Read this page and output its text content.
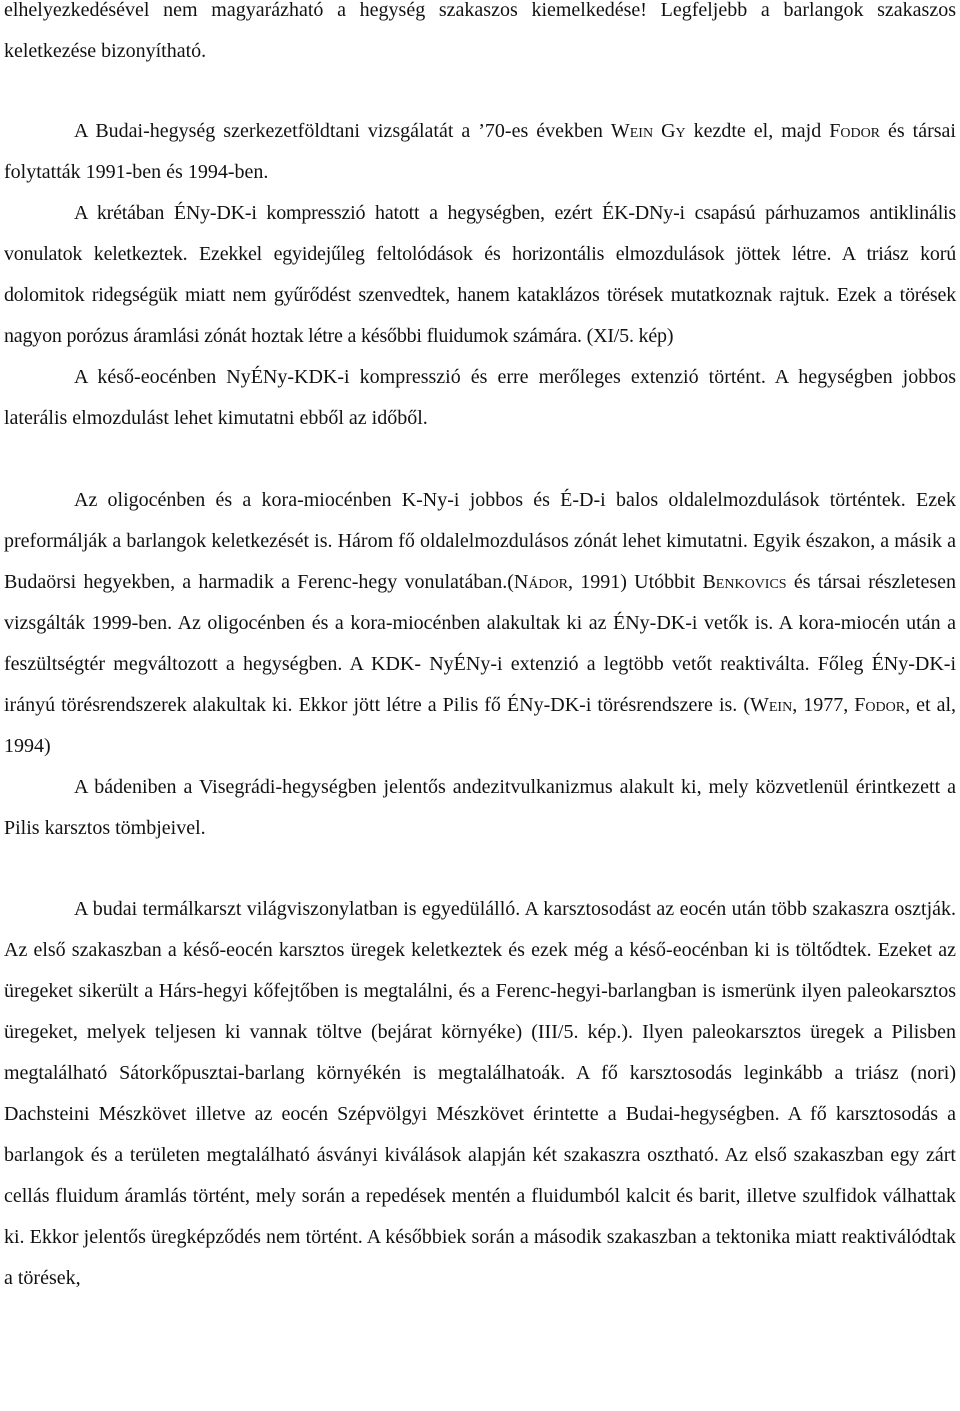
elhelyezkedésével nem magyarázható a hegység szakaszos kiemelkedése! Legfeljebb a barlangok szakaszos keletkezése bizonyítható.

A Budai-hegység szerkezetföldtani vizsgálatát a ’70-es években Wein Gy kezdte el, majd Fodor és társai folytatták 1991-ben és 1994-ben.

A krétában ÉNy-DK-i kompresszió hatott a hegységben, ezért ÉK-DNy-i csapású párhuzamos antiklinális vonulatok keletkeztek. Ezekkel egyidejűleg feltolódások és horizontális elmozdulások jöttek létre. A triász korú dolomitok ridegségük miatt nem gyűrődést szenvedtek, hanem kataklázos törések mutatkoznak rajtuk. Ezek a törések nagyon porózus áramlási zónát hoztak létre a későbbi fluidumok számára. (XI/5. kép)

A késő-eocénben NyÉNy-KDK-i kompresszió és erre merőleges extenzió történt. A hegységben jobbos laterális elmozdulást lehet kimutatni ebből az időből.

Az oligocénben és a kora-miocénben K-Ny-i jobbos és É-D-i balos oldalelmozdulások történtek. Ezek preformálják a barlangok keletkezését is. Három fő oldalelmozdulásos zónát lehet kimutatni. Egyik északon, a másik a Budaörsi hegyekben, a harmadik a Ferenc-hegy vonulatában.(Nádor, 1991) Utóbbit Benkovics és társai részletesen vizsgálták 1999-ben. Az oligocénben és a kora-miocénben alakultak ki az ÉNy-DK-i vetők is. A kora-miocén után a feszültségtér megváltozott a hegységben. A KDK- NyÉNy-i extenzió a legtöbb vetőt reaktiválta. Főleg ÉNy-DK-i irányú törésrendszerek alakultak ki. Ekkor jött létre a Pilis fő ÉNy-DK-i törésrendszere is. (Wein, 1977, Fodor, et al, 1994)

A bádeniben a Visegrádi-hegységben jelentős andezitvulkanizmus alakult ki, mely közvetlenül érintkezett a Pilis karsztos tömbjeivel.

A budai termálkarszt világviszonylatban is egyedülálló. A karsztosodást az eocén után több szakaszra osztják. Az első szakaszban a késő-eocén karsztos üregek keletkeztek és ezek még a késő-eocénban ki is töltődtek. Ezeket az üregeket sikerült a Hárs-hegyi kőfejtőben is megtalálni, és a Ferenc-hegyi-barlangban is ismerünk ilyen paleokarsztos üregeket, melyek teljesen ki vannak töltve (bejárat környéke) (III/5. kép.). Ilyen paleokarsztos üregek a Pilisben megtalálható Sátorkőpusztai-barlang környékén is megtalálhatoák. A fő karsztosodás leginkább a triász (nori) Dachsteini Mészkövet illetve az eocén Szépvölgyi Mészkövet érintette a Budai-hegységben. A fő karsztosodás a barlangok és a területen megtalálható ásványi kiválások alapján két szakaszra osztható. Az első szakaszban egy zárt cellás fluidum áramlás történt, mely során a repedések mentén a fluidumból kalcit és barit, illetve szulfidok válhattak ki. Ekkor jelentős üregképződés nem történt. A későbbiek során a második szakaszban a tektonika miatt reaktiválódtak a törések,
